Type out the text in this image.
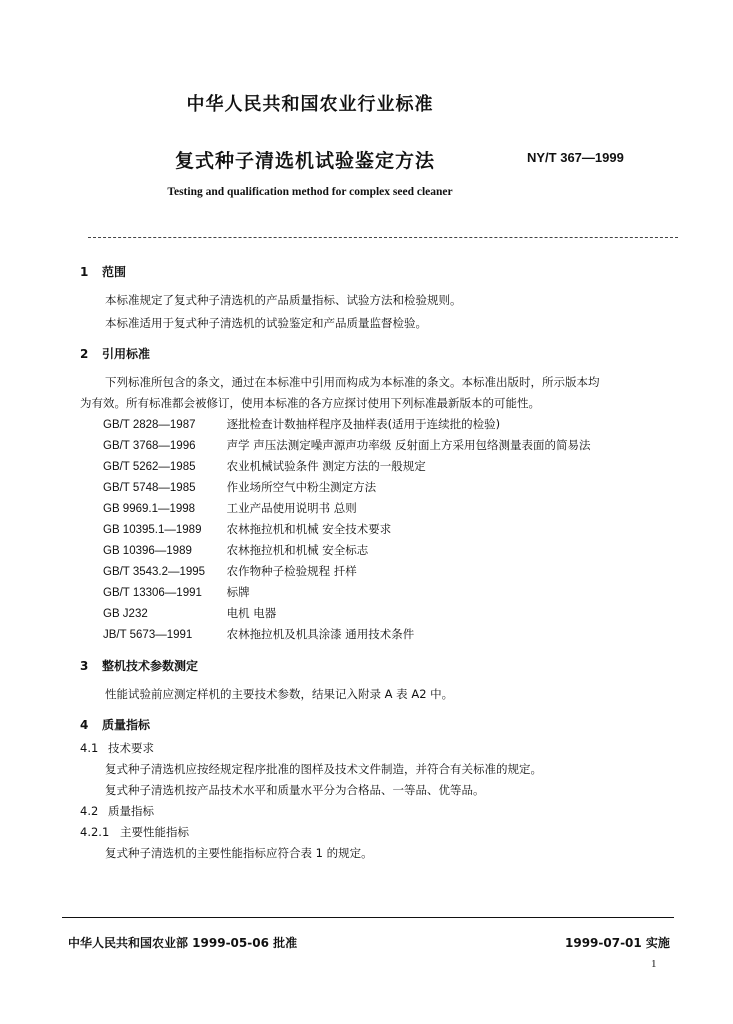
中华人民共和国农业行业标准
复式种子清选机试验鉴定方法	NY/T 367—1999
Testing and qualification method for complex seed cleaner
1 范围
本标准规定了复式种子清选机的产品质量指标、试验方法和检验规则。
本标准适用于复式种子清选机的试验鉴定和产品质量监督检验。
2 引用标准
下列标准所包含的条文，通过在本标准中引用而构成为本标准的条文。本标准出版时，所示版本均
为有效。所有标准都会被修订，使用本标准的各方应探讨使用下列标准最新版本的可能性。
GB/T 2828—1987	逐批检查计数抽样程序及抽样表(适用于连续批的检验)
GB/T 3768—1996	声学 声压法测定噪声源声功率级 反射面上方采用包络测量表面的简易法
GB/T 5262—1985	农业机械试验条件 测定方法的一般规定
GB/T 5748—1985	作业场所空气中粉尘测定方法
GB 9969.1—1998	工业产品使用说明书 总则
GB 10395.1—1989 农林拖拉机和机械 安全技术要求
GB 10396—1989	农林拖拉机和机械 安全标志
GB/T 3543.2—1995 农作物种子检验规程 扦样
GB/T 13306—1991 标牌
GB J232	电机 电器
JB/T 5673—1991	农林拖拉机及机具涂漆 通用技术条件
3 整机技术参数测定
性能试验前应测定样机的主要技术参数，结果记入附录 A 表 A2 中。
4 质量指标
4.1 技术要求
复式种子清选机应按经规定程序批准的图样及技术文件制造，并符合有关标准的规定。
复式种子清选机按产品技术水平和质量水平分为合格品、一等品、优等品。
4.2 质量指标
4.2.1 主要性能指标
复式种子清选机的主要性能指标应符合表 1 的规定。
中华人民共和国农业部 1999-05-06 批准	1999-07-01 实施
1
